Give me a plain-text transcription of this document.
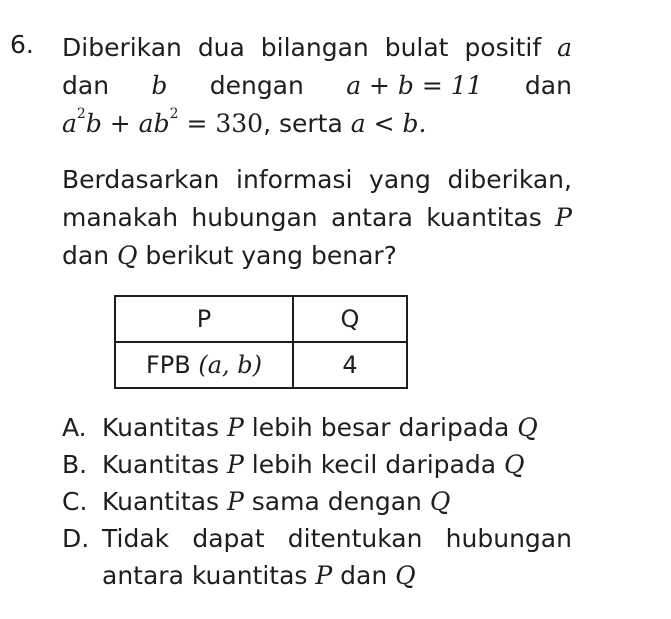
6. Diberikan dua bilangan bulat positif a
dan b dengan a + b = 11 dan
$a^2b + ab^2 = 330$, serta a < b.
Berdasarkan informasi yang diberikan,
manakah hubungan antara kuantitas P
dan Q berikut yang benar?
P	Q
FPB (a, b)	4
A. Kuantitas P lebih besar daripada Q
B. Kuantitas P lebih kecil daripada Q
C. Kuantitas P sama dengan Q
D. Tidak dapat ditentukan hubungan
antara kuantitas P dan Q
